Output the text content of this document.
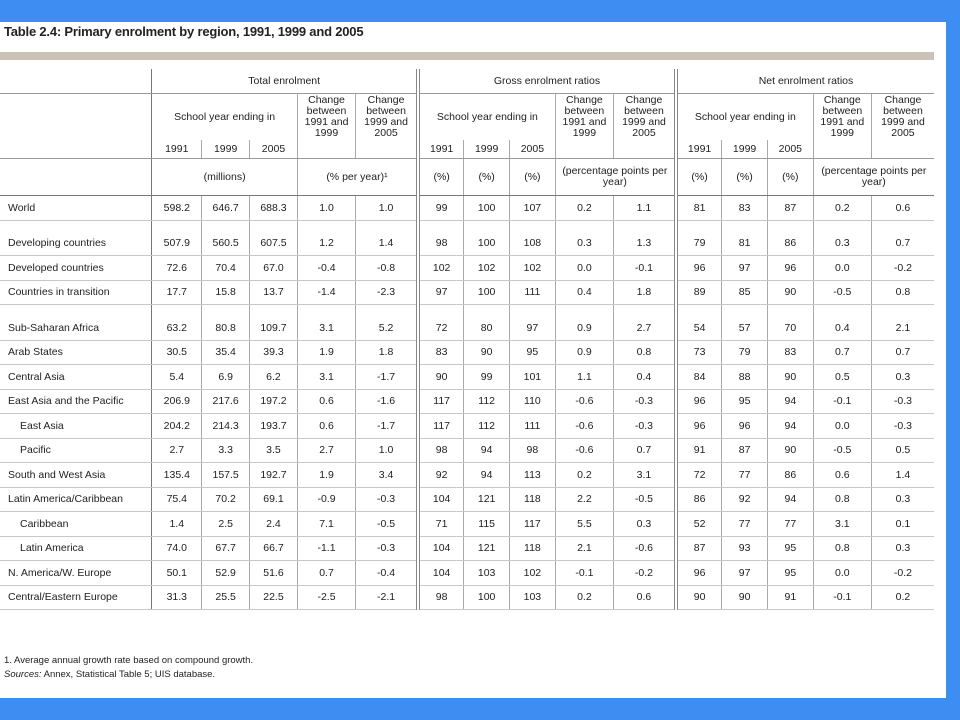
Table 2.4: Primary enrolment by region, 1991, 1999 and 2005
	Total enrolment					Gross enrolment ratios					Net enrolment ratios				
	School year ending in			Change between 1991 and 1999	Change between 1999 and 2005	School year ending in			Change between 1991 and 1999	Change between 1999 and 2005	School year ending in			Change between 1991 and 1999	Change between 1999 and 2005
	1991	1999	2005			1991	1999	2005			1991	1999	2005		
	(millions)			(% per year)¹		(%)	(%)	(%)	(percentage points per year)		(%)	(%)	(%)	(percentage points per year)	
World	598.2	646.7	688.3	1.0	1.0	99	100	107	0.2	1.1	81	83	87	0.2	0.6

Developing countries	507.9	560.5	607.5	1.2	1.4	98	100	108	0.3	1.3	79	81	86	0.3	0.7
Developed countries	72.6	70.4	67.0	-0.4	-0.8	102	102	102	0.0	-0.1	96	97	96	0.0	-0.2
Countries in transition	17.7	15.8	13.7	-1.4	-2.3	97	100	111	0.4	1.8	89	85	90	-0.5	0.8

Sub-Saharan Africa	63.2	80.8	109.7	3.1	5.2	72	80	97	0.9	2.7	54	57	70	0.4	2.1
Arab States	30.5	35.4	39.3	1.9	1.8	83	90	95	0.9	0.8	73	79	83	0.7	0.7
Central Asia	5.4	6.9	6.2	3.1	-1.7	90	99	101	1.1	0.4	84	88	90	0.5	0.3
East Asia and the Pacific	206.9	217.6	197.2	0.6	-1.6	117	112	110	-0.6	-0.3	96	95	94	-0.1	-0.3
East Asia	204.2	214.3	193.7	0.6	-1.7	117	112	111	-0.6	-0.3	96	96	94	0.0	-0.3
Pacific	2.7	3.3	3.5	2.7	1.0	98	94	98	-0.6	0.7	91	87	90	-0.5	0.5
South and West Asia	135.4	157.5	192.7	1.9	3.4	92	94	113	0.2	3.1	72	77	86	0.6	1.4
Latin America/Caribbean	75.4	70.2	69.1	-0.9	-0.3	104	121	118	2.2	-0.5	86	92	94	0.8	0.3
Caribbean	1.4	2.5	2.4	7.1	-0.5	71	115	117	5.5	0.3	52	77	77	3.1	0.1
Latin America	74.0	67.7	66.7	-1.1	-0.3	104	121	118	2.1	-0.6	87	93	95	0.8	0.3
N. America/W. Europe	50.1	52.9	51.6	0.7	-0.4	104	103	102	-0.1	-0.2	96	97	95	0.0	-0.2
Central/Eastern Europe	31.3	25.5	22.5	-2.5	-2.1	98	100	103	0.2	0.6	90	90	91	-0.1	0.2
1. Average annual growth rate based on compound growth.
Sources: Annex, Statistical Table 5; UIS database.
